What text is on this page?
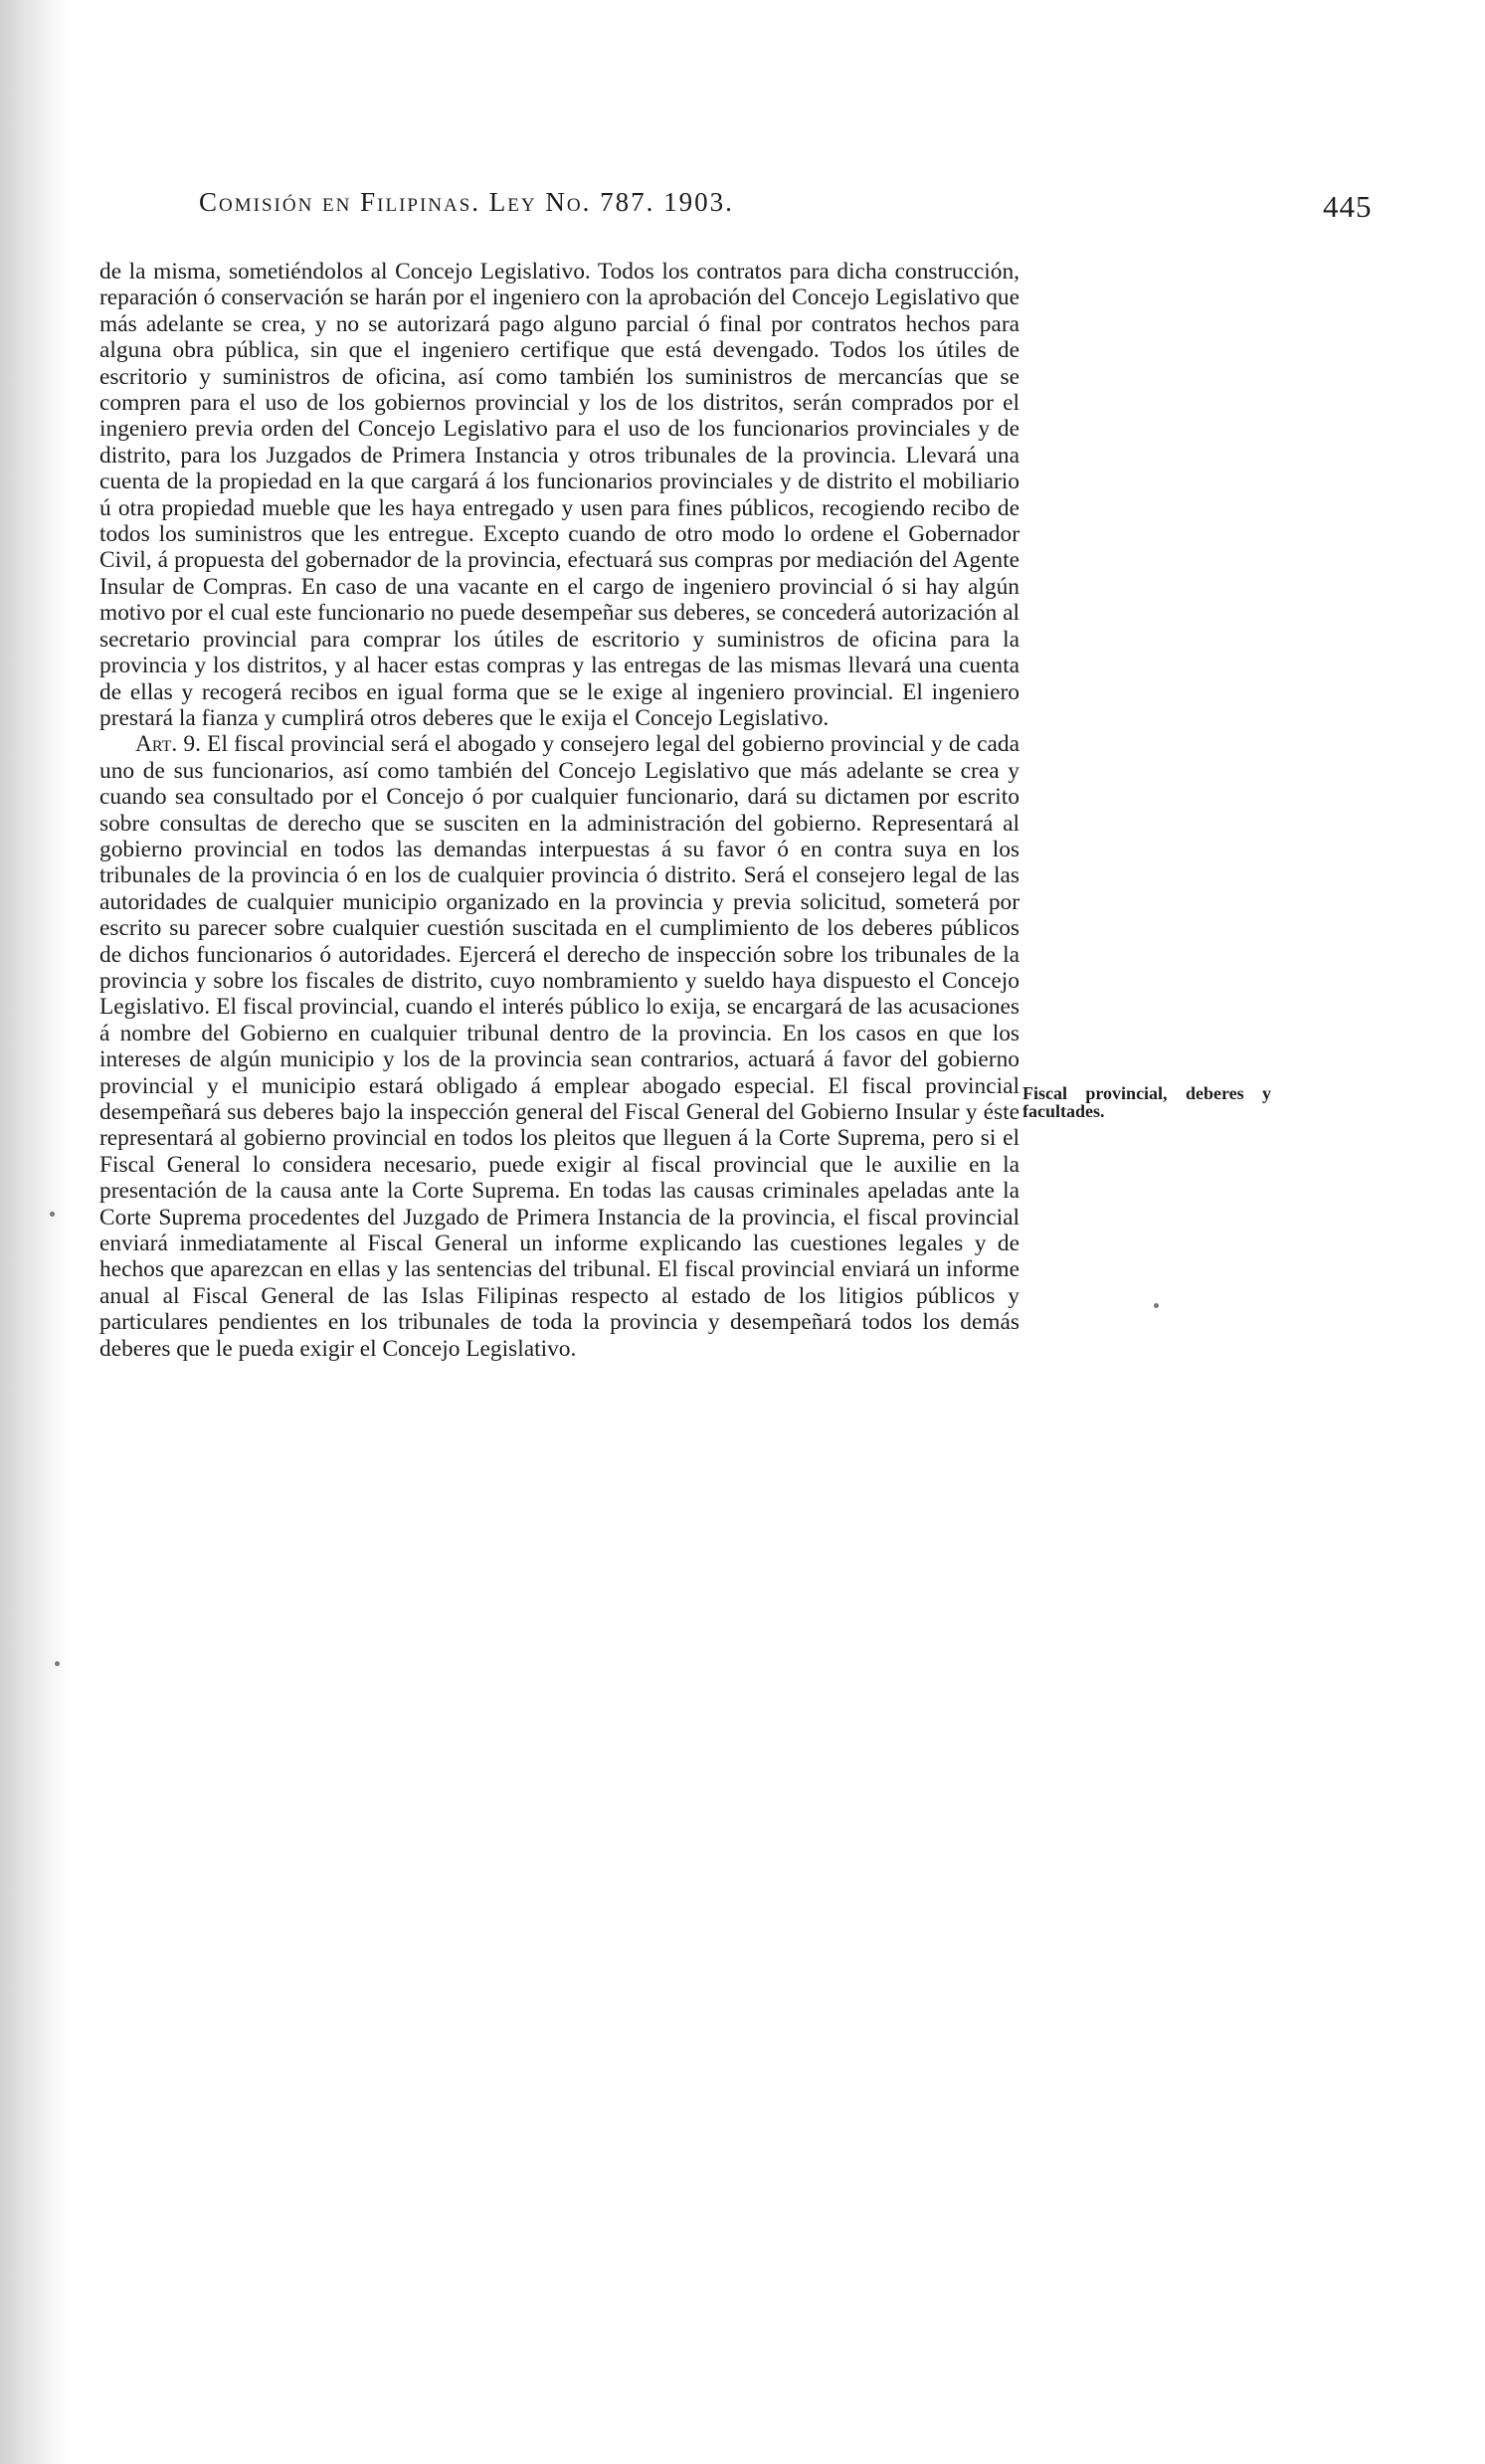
Comisión en Filipinas. Ley No. 787. 1903.	445

de la misma, sometiéndolos al Concejo Legislativo. Todos los contratos para dicha construcción, reparación ó conservación se harán por el ingeniero con la aprobación del Concejo Legislativo que más adelante se crea, y no se autorizará pago alguno parcial ó final por contratos hechos para alguna obra pública, sin que el ingeniero certifique que está devengado. Todos los útiles de escritorio y suministros de oficina, así como también los suministros de mercancías que se compren para el uso de los gobiernos provincial y los de los distritos, serán comprados por el ingeniero previa orden del Concejo Legislativo para el uso de los funcionarios provinciales y de distrito, para los Juzgados de Primera Instancia y otros tribunales de la provincia. Llevará una cuenta de la propiedad en la que cargará á los funcionarios provinciales y de distrito el mobiliario ú otra propiedad mueble que les haya entregado y usen para fines públicos, recogiendo recibo de todos los suministros que les entregue. Excepto cuando de otro modo lo ordene el Gobernador Civil, á propuesta del gobernador de la provincia, efectuará sus compras por mediación del Agente Insular de Compras. En caso de una vacante en el cargo de ingeniero provincial ó si hay algún motivo por el cual este funcionario no puede desempeñar sus deberes, se concederá autorización al secretario provincial para comprar los útiles de escritorio y suministros de oficina para la provincia y los distritos, y al hacer estas compras y las entregas de las mismas llevará una cuenta de ellas y recogerá recibos en igual forma que se le exige al ingeniero provincial. El ingeniero prestará la fianza y cumplirá otros deberes que le exija el Concejo Legislativo.

Art. 9. El fiscal provincial será el abogado y consejero legal del gobierno provincial y de cada uno de sus funcionarios, así como también del Concejo Legislativo que más adelante se crea y cuando sea consultado por el Concejo ó por cualquier funcionario, dará su dictamen por escrito sobre consultas de derecho que se susciten en la administración del gobierno. Representará al gobierno provincial en todos las demandas interpuestas á su favor ó en contra suya en los tribunales de la provincia ó en los de cualquier provincia ó distrito. Será el consejero legal de las autoridades de cualquier municipio organizado en la provincia y previa solicitud, someterá por escrito su parecer sobre cualquier cuestión suscitada en el cumplimiento de los deberes públicos de dichos funcionarios ó autoridades. Ejercerá el derecho de inspección sobre los tribunales de la provincia y sobre los fiscales de distrito, cuyo nombramiento y sueldo haya dispuesto el Concejo Legislativo. El fiscal provincial, cuando el interés público lo exija, se encargará de las acusaciones á nombre del Gobierno en cualquier tribunal dentro de la provincia. En los casos en que los intereses de algún municipio y los de la provincia sean contrarios, actuará á favor del gobierno provincial y el municipio estará obligado á emplear abogado especial. El fiscal provincial desempeñará sus deberes bajo la inspección general del Fiscal General del Gobierno Insular y éste representará al gobierno provincial en todos los pleitos que lleguen á la Corte Suprema, pero si el Fiscal General lo considera necesario, puede exigir al fiscal provincial que le auxilie en la presentación de la causa ante la Corte Suprema. En todas las causas criminales apeladas ante la Corte Suprema procedentes del Juzgado de Primera Instancia de la provincia, el fiscal provincial enviará inmediatamente al Fiscal General un informe explicando las cuestiones legales y de hechos que aparezcan en ellas y las sentencias del tribunal. El fiscal provincial enviará un informe anual al Fiscal General de las Islas Filipinas respecto al estado de los litigios públicos y particulares pendientes en los tribunales de toda la provincia y desempeñará todos los demás deberes que le pueda exigir el Concejo Legislativo.

Fiscal provincial, deberes y facultades.
